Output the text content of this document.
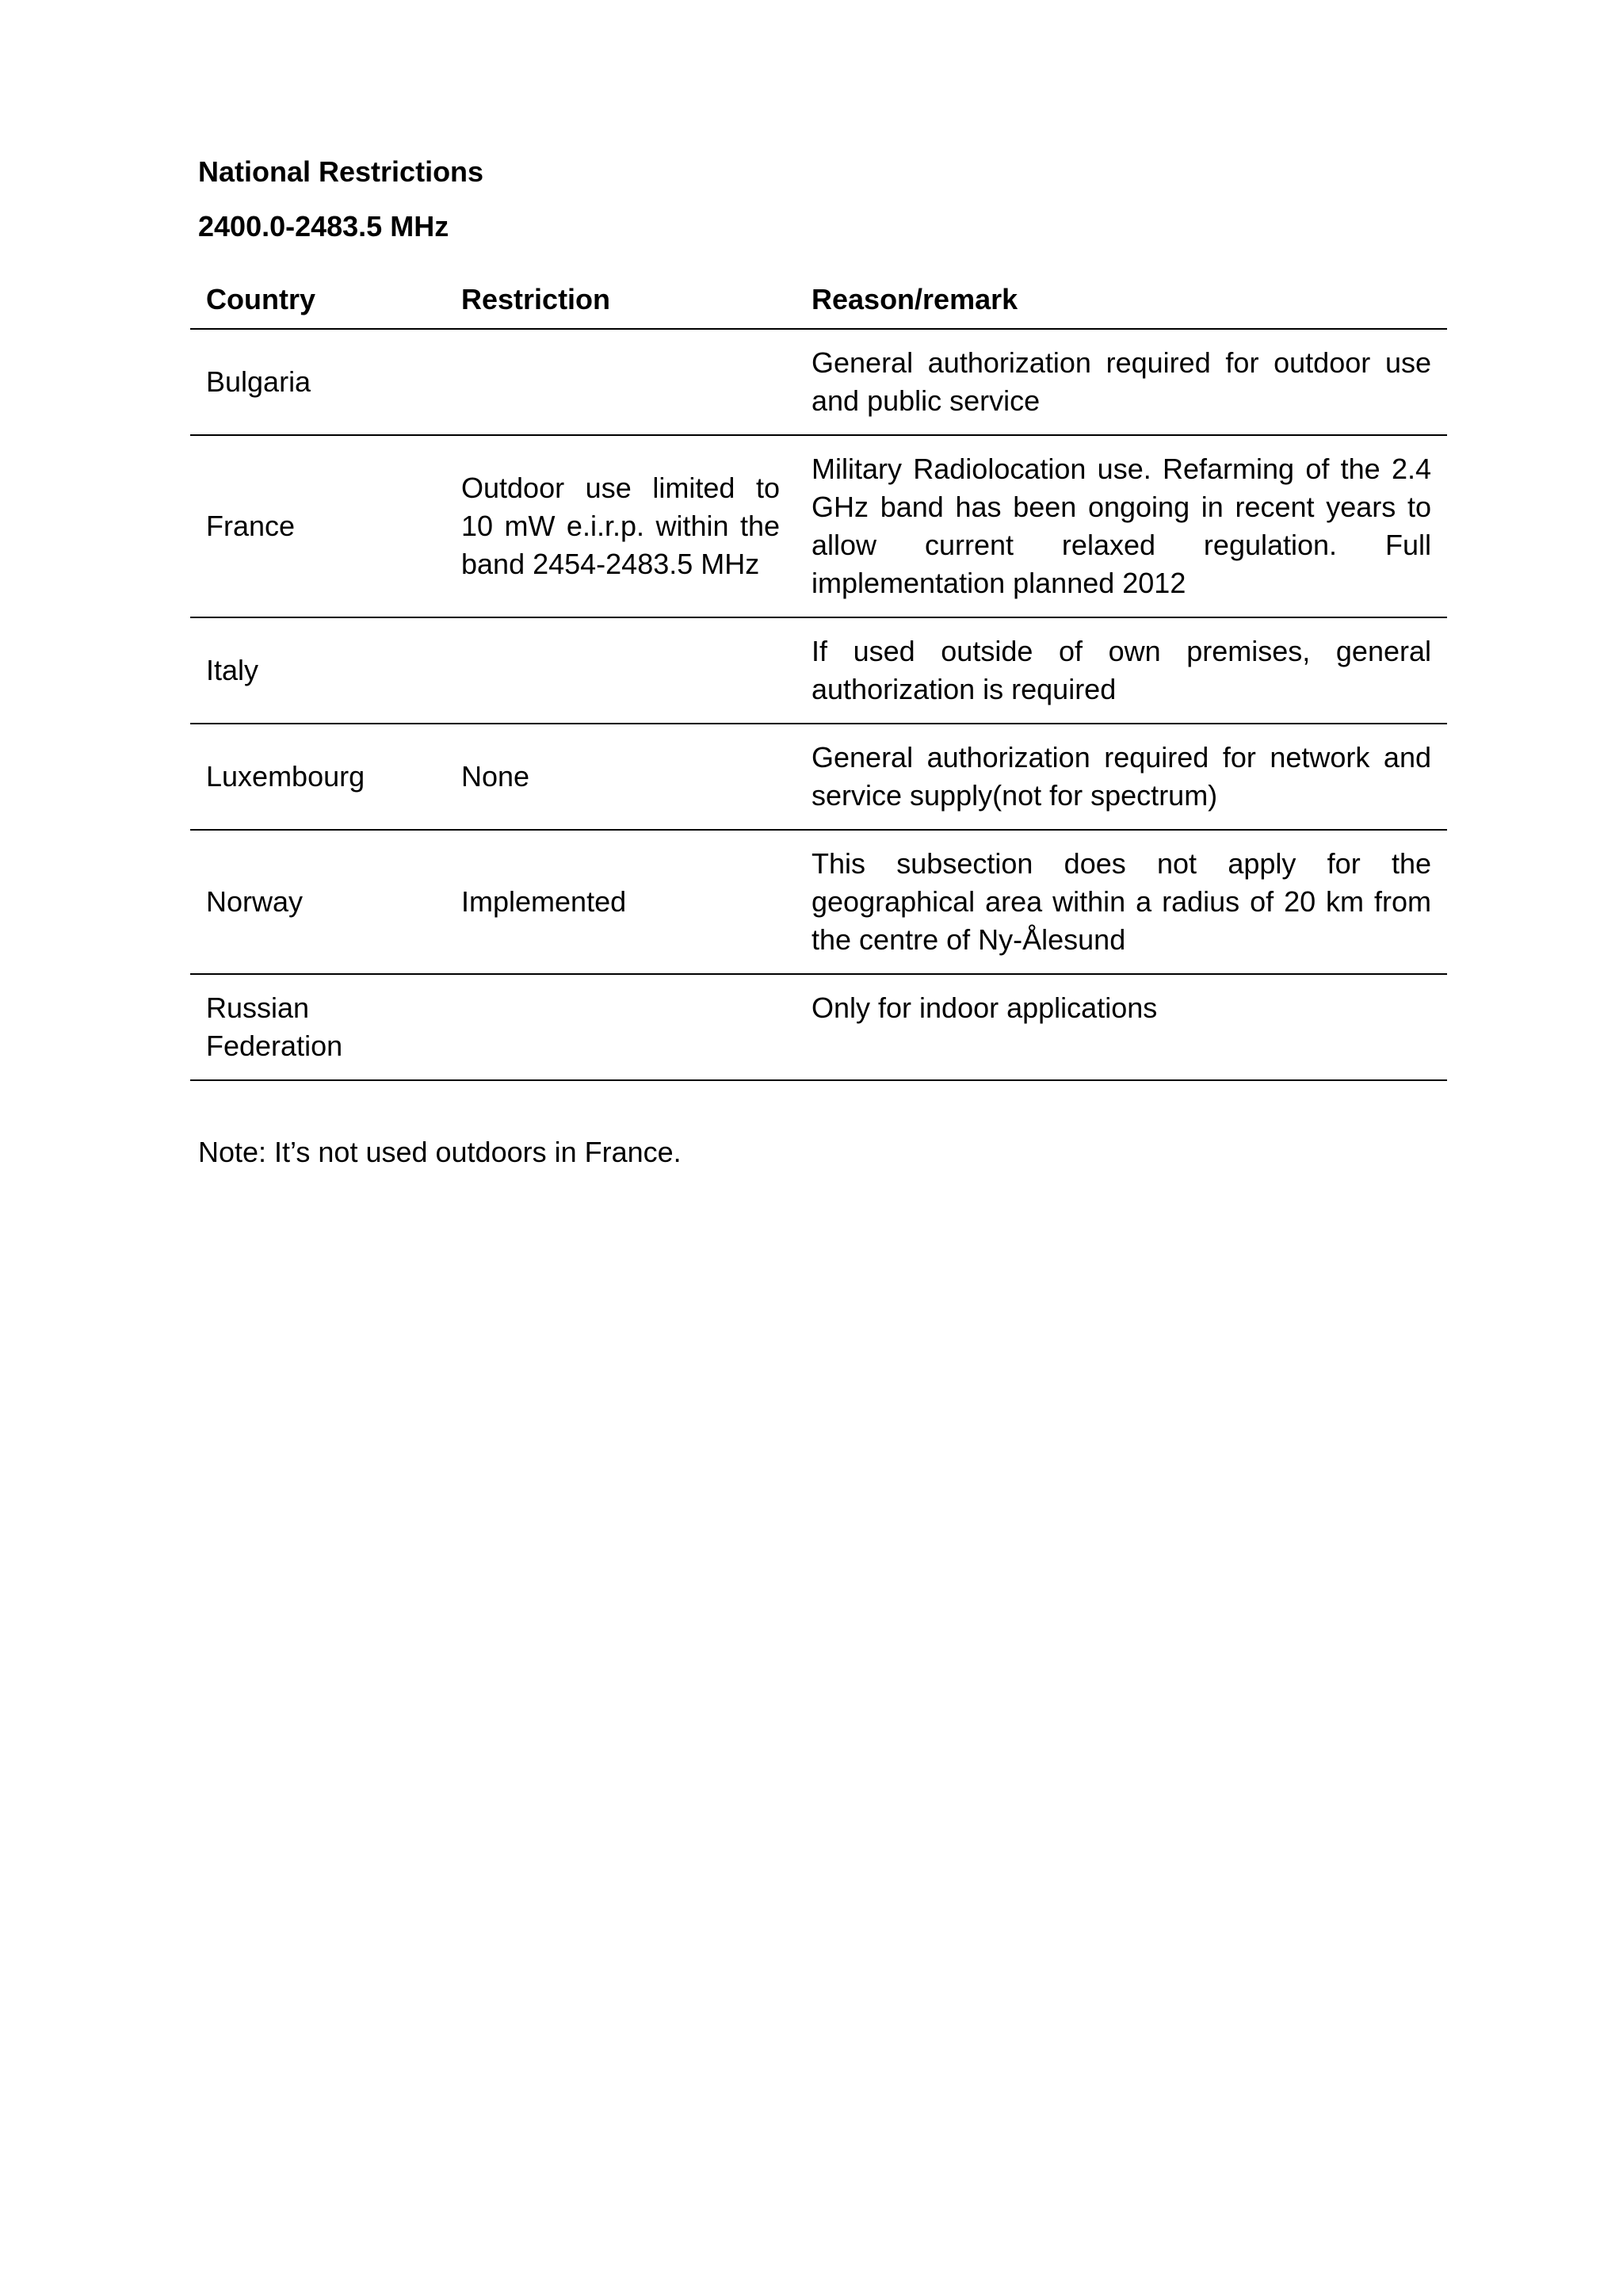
National Restrictions

2400.0-2483.5 MHz

Country	Restriction	Reason/remark
Bulgaria		General authorization required for outdoor use and public service
France	Outdoor use limited to 10 mW e.i.r.p. within the band 2454-2483.5 MHz	Military Radiolocation use. Refarming of the 2.4 GHz band has been ongoing in recent years to allow current relaxed regulation. Full implementation planned 2012
Italy		If used outside of own premises, general authorization is required
Luxembourg	None	General authorization required for network and service supply(not for spectrum)
Norway	Implemented	This subsection does not apply for the geographical area within a radius of 20 km from the centre of Ny-Ålesund
Russian Federation		Only for indoor applications

Note: It’s not used outdoors in France.
